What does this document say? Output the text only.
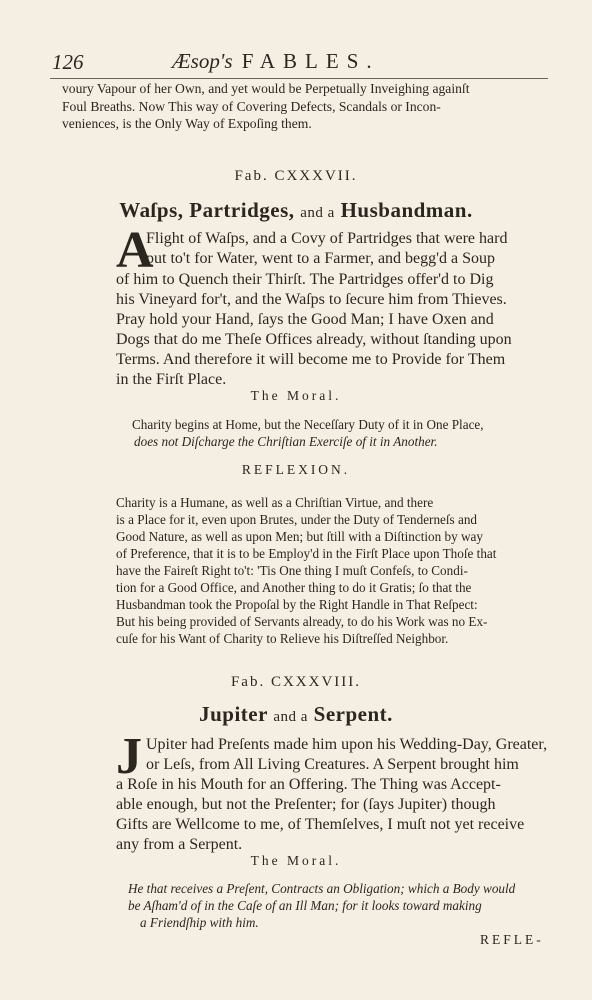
126	Æsop's FABLES.
voury Vapour of her Own, and yet would be Perpetually Inveighing againſt
Foul Breaths. Now This way of Covering Defects, Scandals or Incon-
veniences, is the Only Way of Expoſing them.
Fab. CXXXVII.
Waſps, Partridges, and a Husbandman.
A
Flight of Waſps, and a Covy of Partridges that were hard
put to't for Water, went to a Farmer, and begg'd a Soup
of him to Quench their Thirſt. The Partridges offer'd to Dig
his Vineyard for't, and the Waſps to ſecure him from Thieves.
Pray hold your Hand, ſays the Good Man; I have Oxen and
Dogs that do me Theſe Offices already, without ſtanding upon
Terms. And therefore it will become me to Provide for Them
in the Firſt Place.
The Moral.
Charity begins at Home, but the Neceſſary Duty of it in One Place,
does not Diſcharge the Chriſtian Exerciſe of it in Another.
REFLEXION.
Charity is a Humane, as well as a Chriſtian Virtue, and there
is a Place for it, even upon Brutes, under the Duty of Tenderneſs and
Good Nature, as well as upon Men; but ſtill with a Diſtinction by way
of Preference, that it is to be Employ'd in the Firſt Place upon Thoſe that
have the Faireſt Right to't: 'Tis One thing I muſt Confeſs, to Condi-
tion for a Good Office, and Another thing to do it Gratis; ſo that the
Husbandman took the Propoſal by the Right Handle in That Reſpect:
But his being provided of Servants already, to do his Work was no Ex-
cuſe for his Want of Charity to Relieve his Diſtreſſed Neighbor.
Fab. CXXXVIII.
Jupiter and a Serpent.
J Upiter had Preſents made him upon his Wedding-Day, Greater,
or Leſs, from All Living Creatures. A Serpent brought him
a Roſe in his Mouth for an Offering. The Thing was Accept-
able enough, but not the Preſenter; for (ſays Jupiter) though
Gifts are Wellcome to me, of Themſelves, I muſt not yet receive
any from a Serpent.
The Moral.
He that receives a Preſent, Contracts an Obligation; which a Body would
be Aſham'd of in the Caſe of an Ill Man; for it looks toward making
a Friendſhip with him.
REFLE-
